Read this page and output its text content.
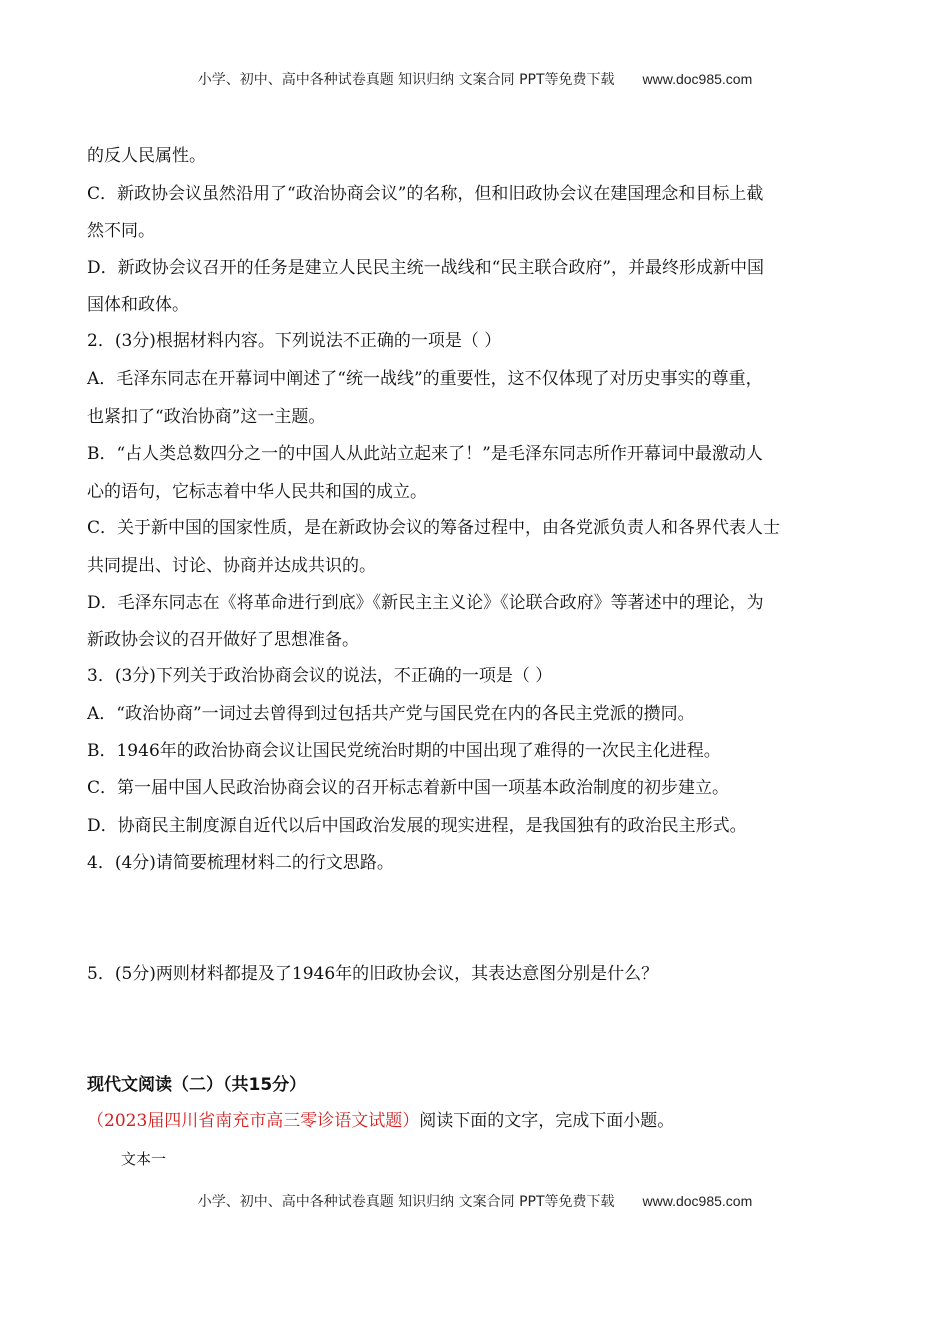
小学、初中、高中各种试卷真题 知识归纳 文案合同 PPT等免费下载 www.doc985.com
的反人民属性。
C．新政协会议虽然沿用了“政治协商会议”的名称，但和旧政协会议在建国理念和目标上截
然不同。
D．新政协会议召开的任务是建立人民民主统一战线和“民主联合政府”，并最终形成新中国
国体和政体。
2．(3分)根据材料内容。下列说法不正确的一项是（ ）
A．毛泽东同志在开幕词中阐述了“统一战线”的重要性，这不仅体现了对历史事实的尊重，
也紧扣了“政治协商”这一主题。
B．“占人类总数四分之一的中国人从此站立起来了！”是毛泽东同志所作开幕词中最激动人
心的语句，它标志着中华人民共和国的成立。
C．关于新中国的国家性质，是在新政协会议的筹备过程中，由各党派负责人和各界代表人士
共同提出、讨论、协商并达成共识的。
D．毛泽东同志在《将革命进行到底》《新民主主义论》《论联合政府》等著述中的理论，为
新政协会议的召开做好了思想准备。
3．(3分)下列关于政治协商会议的说法，不正确的一项是（ ）
A．“政治协商”一词过去曾得到过包括共产党与国民党在内的各民主党派的攒同。
B．1946年的政治协商会议让国民党统治时期的中国出现了难得的一次民主化进程。
C．第一届中国人民政治协商会议的召开标志着新中国一项基本政治制度的初步建立。
D．协商民主制度源自近代以后中国政治发展的现实进程，是我国独有的政治民主形式。
4．(4分)请简要梳理材料二的行文思路。
5．(5分)两则材料都提及了1946年的旧政协会议，其表达意图分别是什么？
现代文阅读（二）（共15分）
（2023届四川省南充市高三零诊语文试题）阅读下面的文字，完成下面小题。
文本一
小学、初中、高中各种试卷真题 知识归纳 文案合同 PPT等免费下载 www.doc985.com
